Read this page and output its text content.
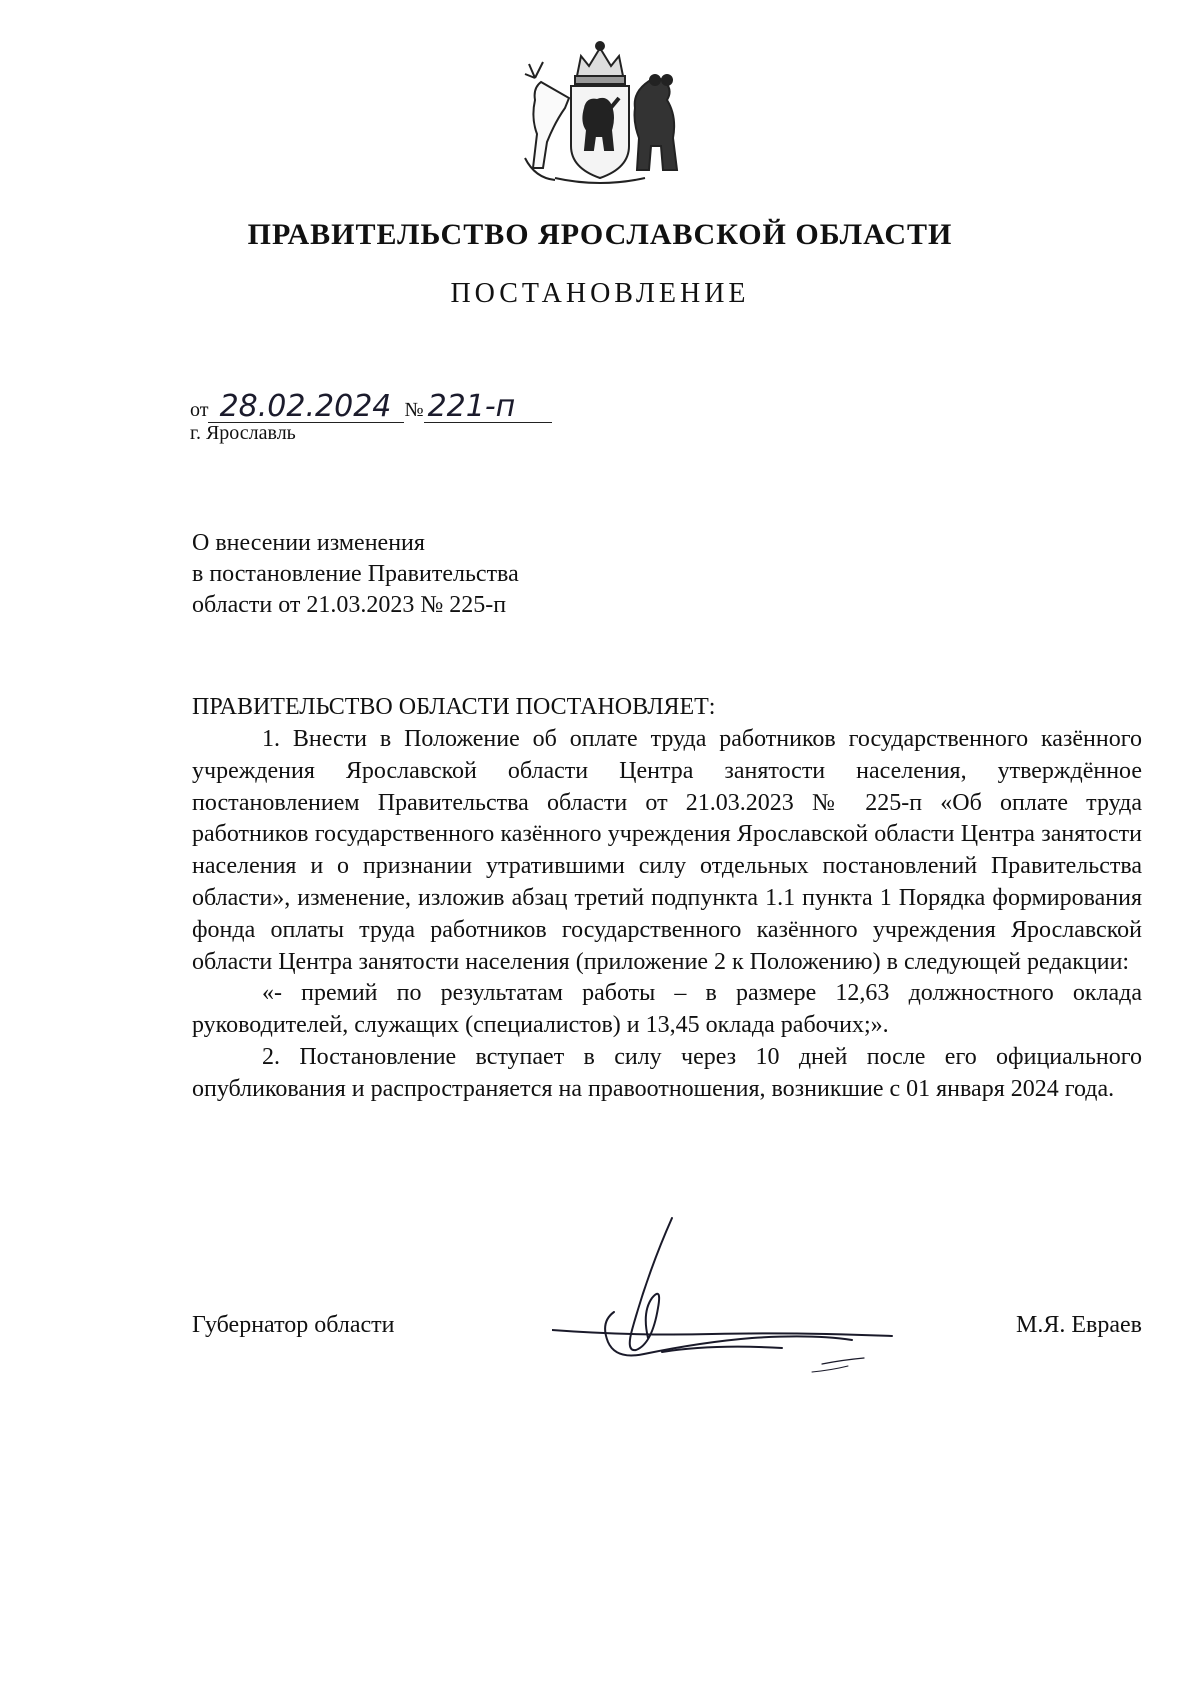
ПРАВИТЕЛЬСТВО ЯРОСЛАВСКОЙ ОБЛАСТИ
ПОСТАНОВЛЕНИЕ
от 28.02.2024 № 221-п
г. Ярославль
О внесении изменения
в постановление Правительства
области от 21.03.2023 № 225-п
ПРАВИТЕЛЬСТВО ОБЛАСТИ ПОСТАНОВЛЯЕТ:

1. Внести в Положение об оплате труда работников государственного казённого учреждения Ярославской области Центра занятости населения, утверждённое постановлением Правительства области от 21.03.2023 № 225-п «Об оплате труда работников государственного казённого учреждения Ярославской области Центра занятости населения и о признании утратившими силу отдельных постановлений Правительства области», изменение, изложив абзац третий подпункта 1.1 пункта 1 Порядка формирования фонда оплаты труда работников государственного казённого учреждения Ярославской области Центра занятости населения (приложение 2 к Положению) в следующей редакции:

«- премий по результатам работы – в размере 12,63 должностного оклада руководителей, служащих (специалистов) и 13,45 оклада рабочих;».

2. Постановление вступает в силу через 10 дней после его официального опубликования и распространяется на правоотношения, возникшие с 01 января 2024 года.

Губернатор области	М.Я. Евраев
